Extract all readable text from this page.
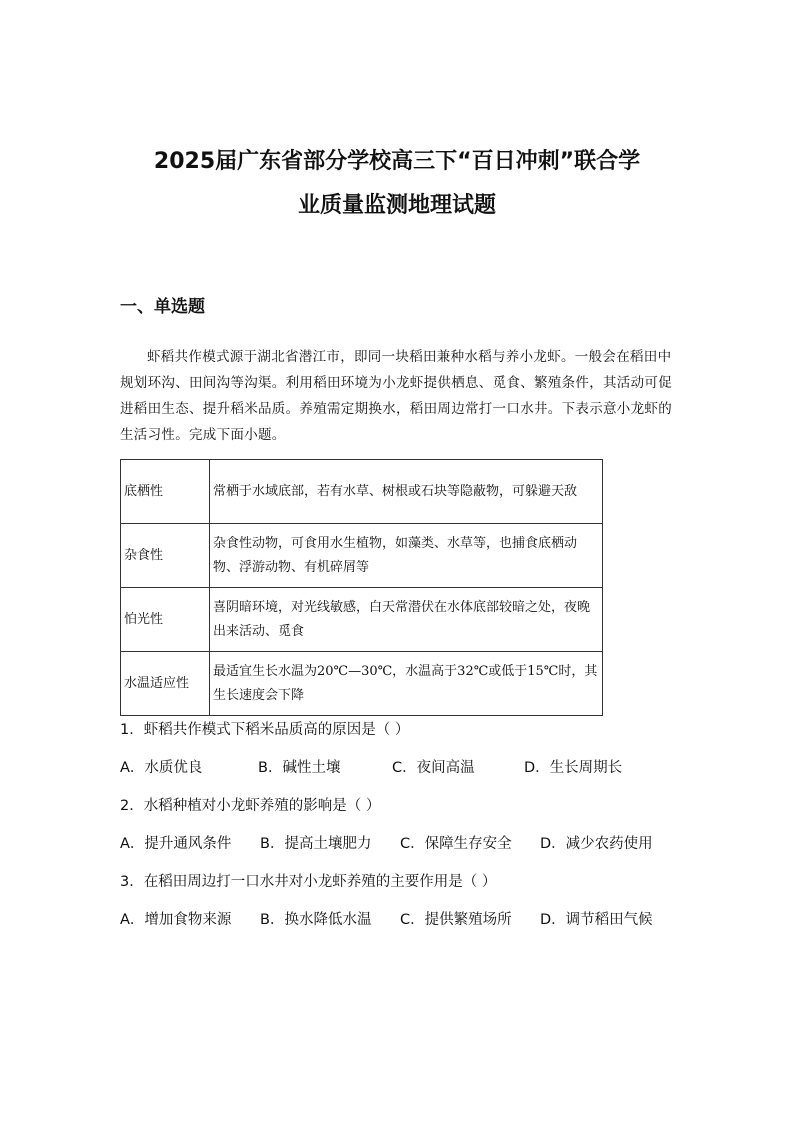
2025届广东省部分学校高三下“百日冲刺”联合学
业质量监测地理试题
一、单选题
虾稻共作模式源于湖北省潜江市，即同一块稻田兼种水稻与养小龙虾。一般会在稻田中规划环沟、田间沟等沟渠。利用稻田环境为小龙虾提供栖息、觅食、繁殖条件，其活动可促进稻田生态、提升稻米品质。养殖需定期换水，稻田周边常打一口水井。下表示意小龙虾的生活习性。完成下面小题。
底栖性	常栖于水域底部，若有水草、树根或石块等隐蔽物，可躲避天敌
杂食性	杂食性动物，可食用水生植物，如藻类、水草等，也捕食底栖动物、浮游动物、有机碎屑等
怕光性	喜阴暗环境，对光线敏感，白天常潜伏在水体底部较暗之处，夜晚出来活动、觅食
水温适应性	最适宜生长水温为20℃—30℃，水温高于32℃或低于15℃时，其生长速度会下降
1．虾稻共作模式下稻米品质高的原因是（ ）
A．水质优良	B．碱性土壤	C．夜间高温	D．生长周期长
2．水稻种植对小龙虾养殖的影响是（ ）
A．提升通风条件	B．提高土壤肥力	C．保障生存安全	D．减少农药使用
3．在稻田周边打一口水井对小龙虾养殖的主要作用是（ ）
A．增加食物来源	B．换水降低水温	C．提供繁殖场所	D．调节稻田气候
